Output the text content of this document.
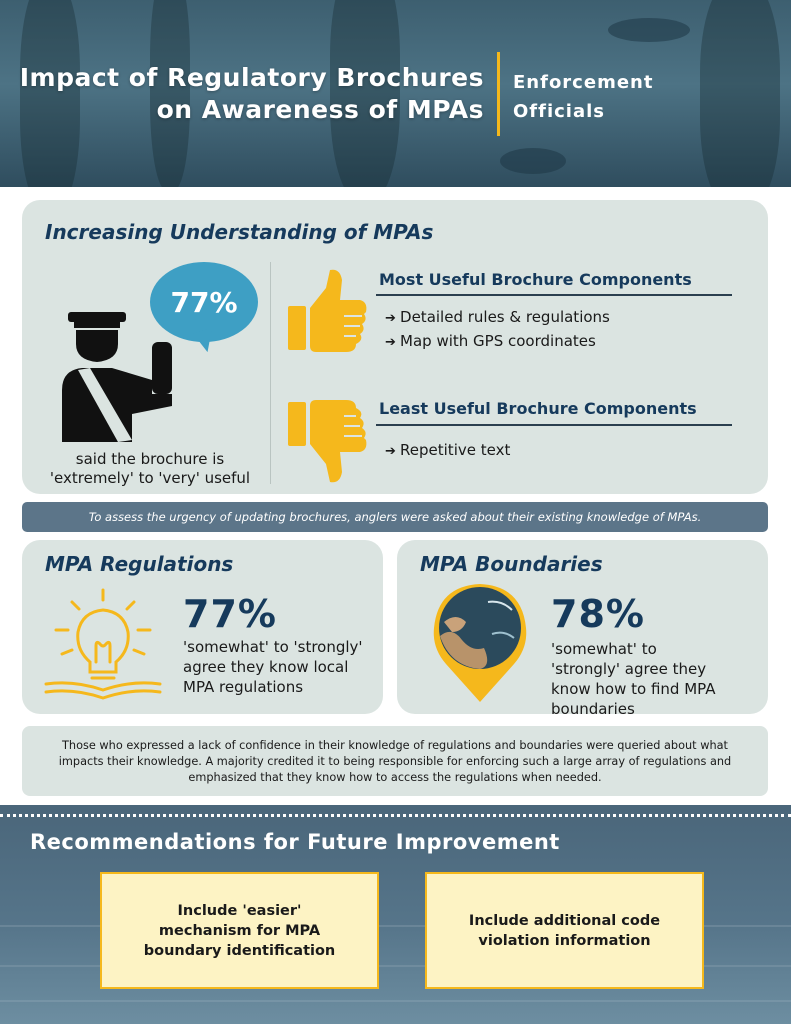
Impact of Regulatory Brochures
on Awareness of MPAs
Enforcement
Officials
Increasing Understanding of MPAs
77%
said the brochure is
'extremely' to 'very' useful
Most Useful Brochure Components
➔ Detailed rules & regulations
➔ Map with GPS coordinates
Least Useful Brochure Components
➔ Repetitive text
To assess the urgency of updating brochures, anglers were asked about their existing knowledge of MPAs.
MPA Regulations
77%
'somewhat' to 'strongly'
agree they know local
MPA regulations
MPA Boundaries
78%
'somewhat' to
'strongly' agree they
know how to find MPA
boundaries
Those who expressed a lack of confidence in their knowledge of regulations and boundaries were queried about what impacts their knowledge. A majority credited it to being responsible for enforcing such a large array of regulations and emphasized that they know how to access the regulations when needed.
Recommendations for Future Improvement
Include 'easier'
mechanism for MPA
boundary identification
Include additional code
violation information
